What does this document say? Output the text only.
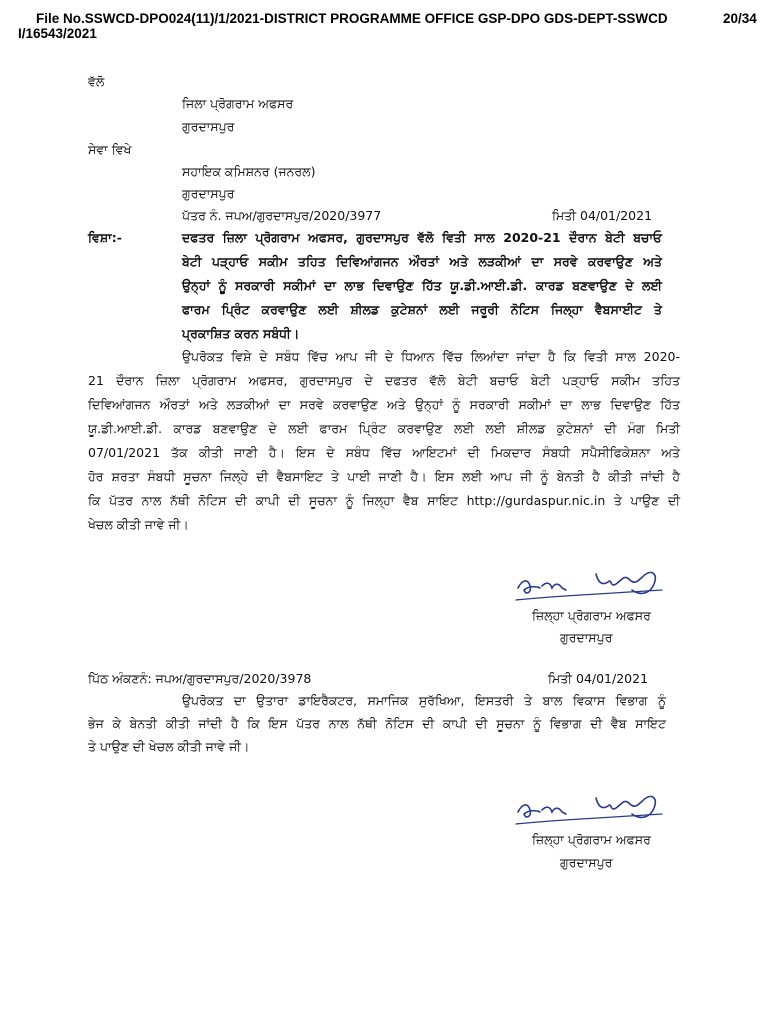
File No.SSWCD-DPO024(11)/1/2021-DISTRICT PROGRAMME OFFICE GSP-DPO GDS-DEPT-SSWCD	20/34
I/16543/2021
ਵੱਲੋ
ਜਿਲਾ ਪ੍ਰੋਗਰਾਮ ਅਫਸਰ
ਗੁਰਦਾਸਪੁਰ
ਸੇਵਾ ਵਿਖੇ
ਸਹਾਇਕ ਕਮਿਸ਼ਨਰ (ਜਨਰਲ)
ਗੁਰਦਾਸਪੁਰ
ਪੱਤਰ ਨੰ. ਜਪਅ/ਗੁਰਦਾਸਪੁਰ/2020/3977	ਮਿਤੀ 04/01/2021
ਵਿਸ਼ਾ:-	ਦਫਤਰ ਜ਼ਿਲਾ ਪ੍ਰੋਗਰਾਮ ਅਫਸਰ, ਗੁਰਦਾਸਪੁਰ ਵੱਲੋ ਵਿਤੀ ਸਾਲ 2020-21 ਦੌਰਾਨ ਬੇਟੀ ਬਚਾਓ
ਬੇਟੀ ਪੜ੍ਹਾਓ ਸਕੀਮ ਤਹਿਤ ਦਿਵਿਆਂਗਜਨ ਔਰਤਾਂ ਅਤੇ ਲੜਕੀਆਂ ਦਾ ਸਰਵੇ ਕਰਵਾਉਣ ਅਤੇ
ਉਨ੍ਹਾਂ ਨੂੰ ਸਰਕਾਰੀ ਸਕੀਮਾਂ ਦਾ ਲਾਭ ਦਿਵਾਉਣ ਹਿੱਤ ਯੂ.ਡੀ.ਆਈ.ਡੀ. ਕਾਰਡ ਬਣਵਾਉਣ ਦੇ ਲਈ
ਫਾਰਮ ਪ੍ਰਿੰਟ ਕਰਵਾਉਣ ਲਈ ਸ਼ੀਲਡ ਕੁਟੇਸ਼ਨਾਂ ਲਈ ਜਰੂਰੀ ਨੋਟਿਸ ਜਿਲ੍ਹਾ ਵੈਬਸਾਈਟ ਤੇ
ਪ੍ਰਕਾਸ਼ਿਤ ਕਰਨ ਸਬੰਧੀ।
ਉਪਰੋਕਤ ਵਿਸ਼ੇ ਦੇ ਸਬੰਧ ਵਿੱਚ ਆਪ ਜੀ ਦੇ ਧਿਆਨ ਵਿੱਚ ਲਿਆਂਦਾ ਜਾਂਦਾ ਹੈ ਕਿ ਵਿਤੀ ਸਾਲ 2020-
21 ਦੌਰਾਨ ਜ਼ਿਲਾ ਪ੍ਰੋਗਰਾਮ ਅਫਸਰ, ਗੁਰਦਾਸਪੁਰ ਦੇ ਦਫਤਰ ਵੱਲੋ ਬੇਟੀ ਬਚਾਓ ਬੇਟੀ ਪੜ੍ਹਾਓ ਸਕੀਮ ਤਹਿਤ
ਦਿਵਿਆਂਗਜਨ ਔਰਤਾਂ ਅਤੇ ਲੜਕੀਆਂ ਦਾ ਸਰਵੇ ਕਰਵਾਉਣ ਅਤੇ ਉਨ੍ਹਾਂ ਨੂੰ ਸਰਕਾਰੀ ਸਕੀਮਾਂ ਦਾ ਲਾਭ ਦਿਵਾਉਣ ਹਿੱਤ
ਯੂ.ਡੀ.ਆਈ.ਡੀ. ਕਾਰਡ ਬਣਵਾਉਣ ਦੇ ਲਈ ਫਾਰਮ ਪ੍ਰਿੰਟ ਕਰਵਾਉਣ ਲਈ ਲਈ ਸ਼ੀਲਡ ਕੁਟੇਸ਼ਨਾਂ ਦੀ ਮੰਗ ਮਿਤੀ
07/01/2021 ਤੱਕ ਕੀਤੀ ਜਾਣੀ ਹੈ। ਇਸ ਦੇ ਸਬੰਧ ਵਿੱਚ ਆਇਟਮਾਂ ਦੀ ਮਿਕਦਾਰ ਸੰਬਧੀ ਸਪੈਸੀਫਿਕੇਸ਼ਨਾ ਅਤੇ
ਹੋਰ ਸ਼ਰਤਾ ਸੰਬਧੀ ਸੂਚਨਾ ਜਿਲ੍ਹੇ ਦੀ ਵੈਬਸਾਇਟ ਤੇ ਪਾਈ ਜਾਣੀ ਹੈ। ਇਸ ਲਈ ਆਪ ਜੀ ਨੂੰ ਬੇਨਤੀ ਹੈ ਕੀਤੀ ਜਾਂਦੀ ਹੈ
ਕਿ ਪੱਤਰ ਨਾਲ ਨੱਥੀ ਨੋਟਿਸ ਦੀ ਕਾਪੀ ਦੀ ਸੂਚਨਾ ਨੂੰ ਜਿਲ੍ਹਾ ਵੈਬ ਸਾਇਟ http://gurdaspur.nic.in ਤੇ ਪਾਉਣ ਦੀ
ਖੇਚਲ ਕੀਤੀ ਜਾਵੇ ਜੀ।
ਜ਼ਿਲ੍ਹਾ ਪ੍ਰੋਗਰਾਮ ਅਫਸਰ
ਗੁਰਦਾਸਪੁਰ
ਪਿੱਠ ਅੰਕਣਨੰ: ਜਪਅ/ਗੁਰਦਾਸਪੁਰ/2020/3978	ਮਿਤੀ 04/01/2021
ਉਪਰੋਕਤ ਦਾ ਉਤਾਰਾ ਡਾਇਰੈਕਟਰ, ਸਮਾਜਿਕ ਸੁਰੱਖਿਆ, ਇਸਤਰੀ ਤੇ ਬਾਲ ਵਿਕਾਸ ਵਿਭਾਗ ਨੂੰ
ਭੇਜ ਕੇ ਬੇਨਤੀ ਕੀਤੀ ਜਾਂਦੀ ਹੈ ਕਿ ਇਸ ਪੱਤਰ ਨਾਲ ਨੱਥੀ ਨੋਟਿਸ ਦੀ ਕਾਪੀ ਦੀ ਸੂਚਨਾ ਨੂੰ ਵਿਭਾਗ ਦੀ ਵੈਬ ਸਾਇਟ
ਤੇ ਪਾਉਣ ਦੀ ਖੇਚਲ ਕੀਤੀ ਜਾਵੇ ਜੀ।
ਜ਼ਿਲ੍ਹਾ ਪ੍ਰੋਗਰਾਮ ਅਫਸਰ
ਗੁਰਦਾਸਪੁਰ
